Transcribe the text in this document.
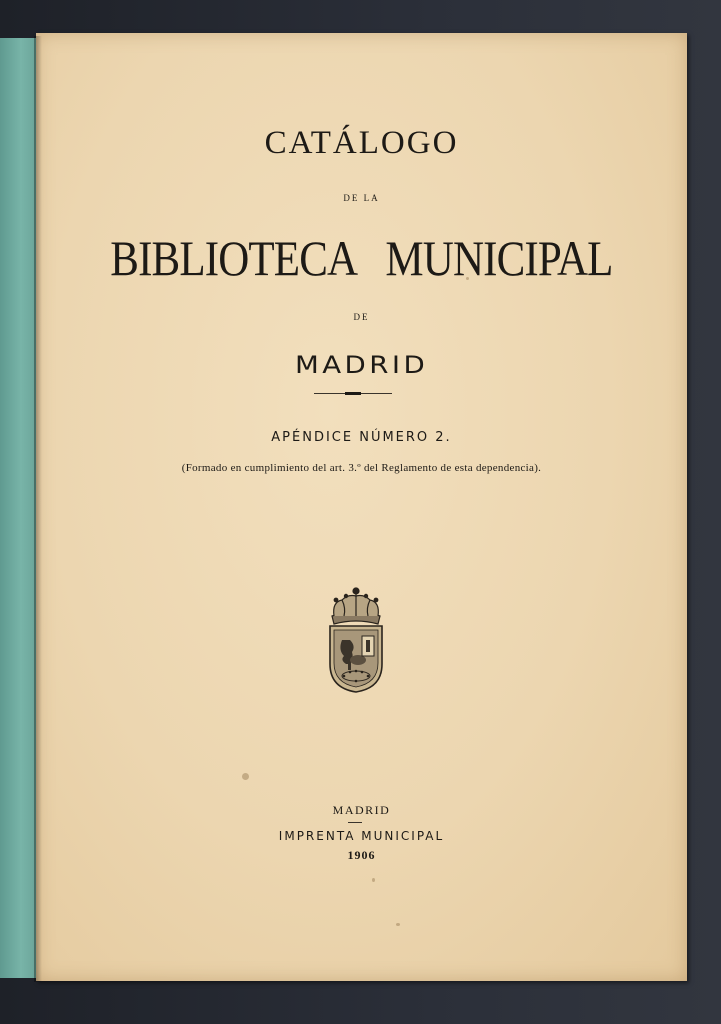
CATÁLOGO
DE LA
BIBLIOTECA MUNICIPAL
DE
MADRID
APÉNDICE NÚMERO 2.
(Formado en cumplimiento del art. 3.º del Reglamento de esta dependencia).
MADRID
IMPRENTA MUNICIPAL
1906
